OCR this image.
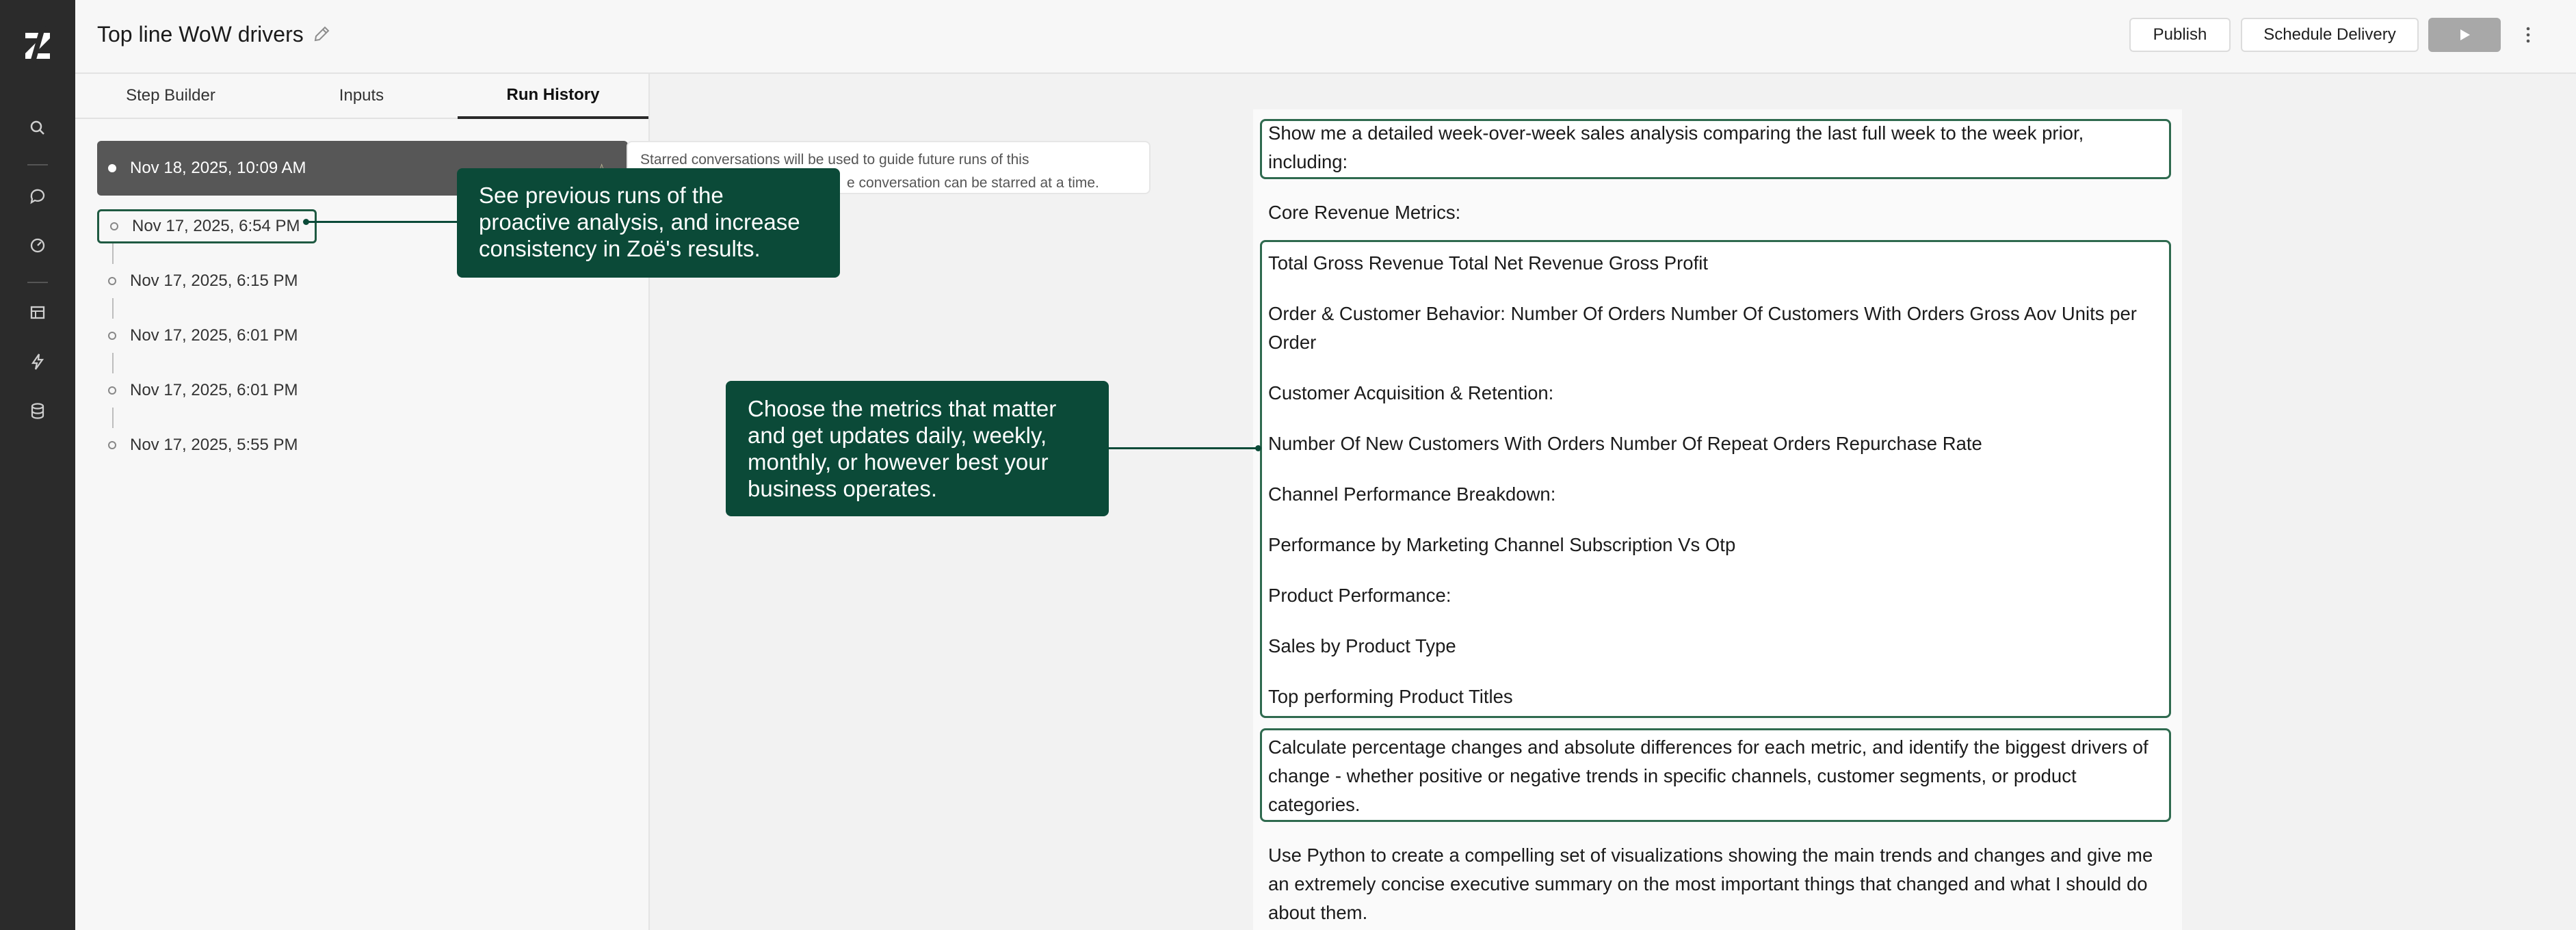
Top line WoW drivers	Publish	Schedule Delivery
Step Builder	Inputs	Run History
Nov 18, 2025, 10:09 AM
Nov 17, 2025, 6:54 PM
Nov 17, 2025, 6:15 PM
Nov 17, 2025, 6:01 PM
Nov 17, 2025, 6:01 PM
Nov 17, 2025, 5:55 PM
Starred conversations will be used to guide future runs of this
e conversation can be starred at a time.
See previous runs of the proactive analysis, and increase consistency in Zoë's results.
Show me a detailed week-over-week sales analysis comparing the last full week to the week prior, including:
Core Revenue Metrics:
Total Gross Revenue Total Net Revenue Gross Profit
Order & Customer Behavior: Number Of Orders Number Of Customers With Orders Gross Aov Units per Order
Customer Acquisition & Retention:
Number Of New Customers With Orders Number Of Repeat Orders Repurchase Rate
Channel Performance Breakdown:
Performance by Marketing Channel Subscription Vs Otp
Product Performance:
Sales by Product Type
Top performing Product Titles
Calculate percentage changes and absolute differences for each metric, and identify the biggest drivers of change - whether positive or negative trends in specific channels, customer segments, or product categories.
Use Python to create a compelling set of visualizations showing the main trends and changes and give me an extremely concise executive summary on the most important things that changed and what I should do about them.
Choose the metrics that matter and get updates daily, weekly, monthly, or however best your business operates.
